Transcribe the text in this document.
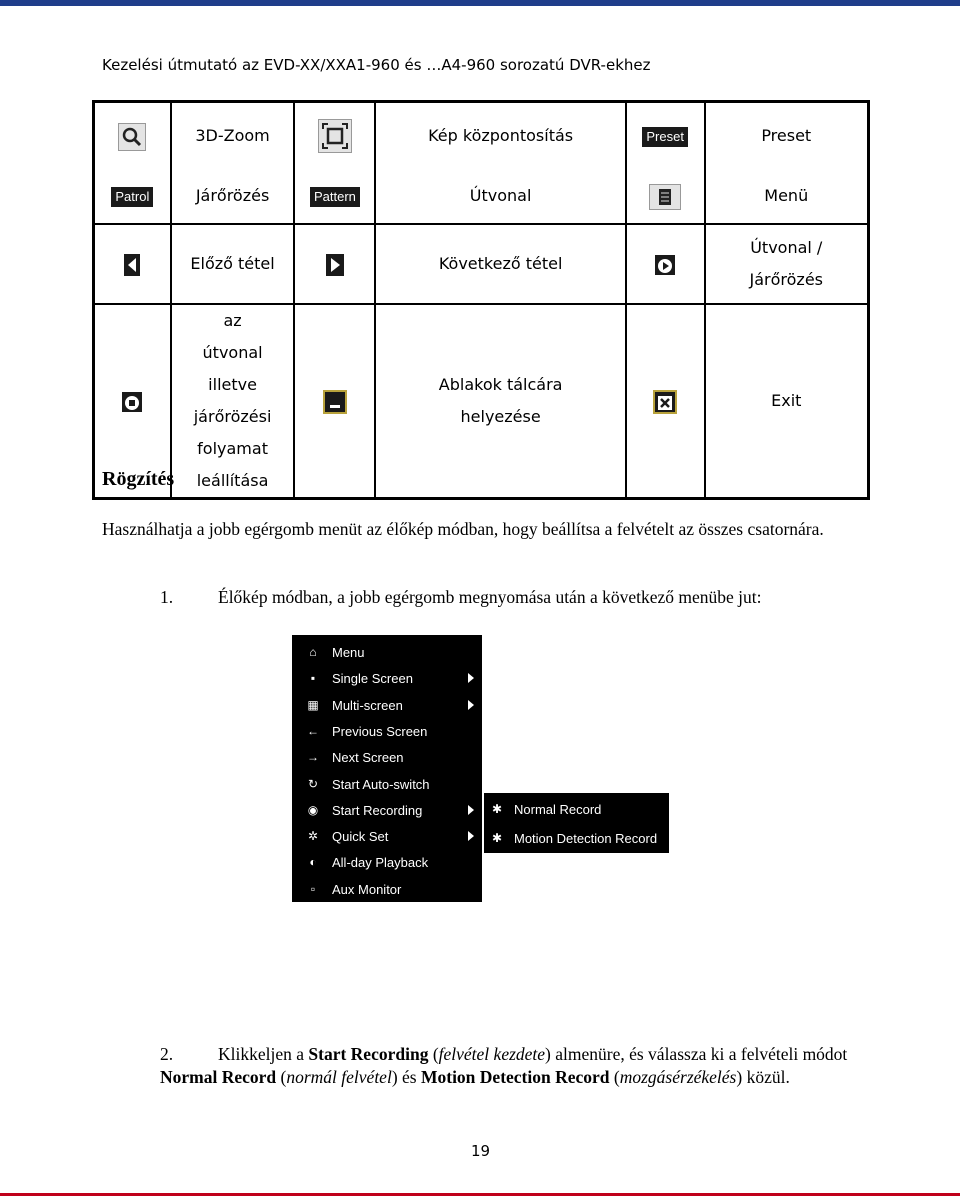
Kezelési útmutató az EVD-XX/XXA1-960 és …A4-960 sorozatú DVR-ekhez
	3D-Zoom		Kép központosítás	Preset	Preset
Patrol	Járőrözés	Pattern	Útvonal		Menü
	Előző tétel		Következő tétel		Útvonal / Járőrözés
	az útvonal illetve járőrözési folyamat leállítása		Ablakok tálcára helyezése		Exit
Rögzítés
Használhatja a jobb egérgomb menüt az élőkép módban, hogy beállítsa a felvételt az összes csatornára.
1.	Élőkép módban, a jobb egérgomb megnyomása után a következő menübe jut:
⌂ Menu
▪	Single Screen
▦ Multi-screen
← Previous Screen
→ Next Screen
↻ Start Auto-switch
◉ Start Recording
✲ Quick Set
◐ All-day Playback
▫	Aux Monitor
✱ Normal Record
✱ Motion Detection Record
2.	Klikkeljen a Start Recording (felvétel kezdete) almenüre, és válassza ki a felvételi módot Normal Record (normál felvétel) és Motion Detection Record (mozgásérzékelés) közül.
19
